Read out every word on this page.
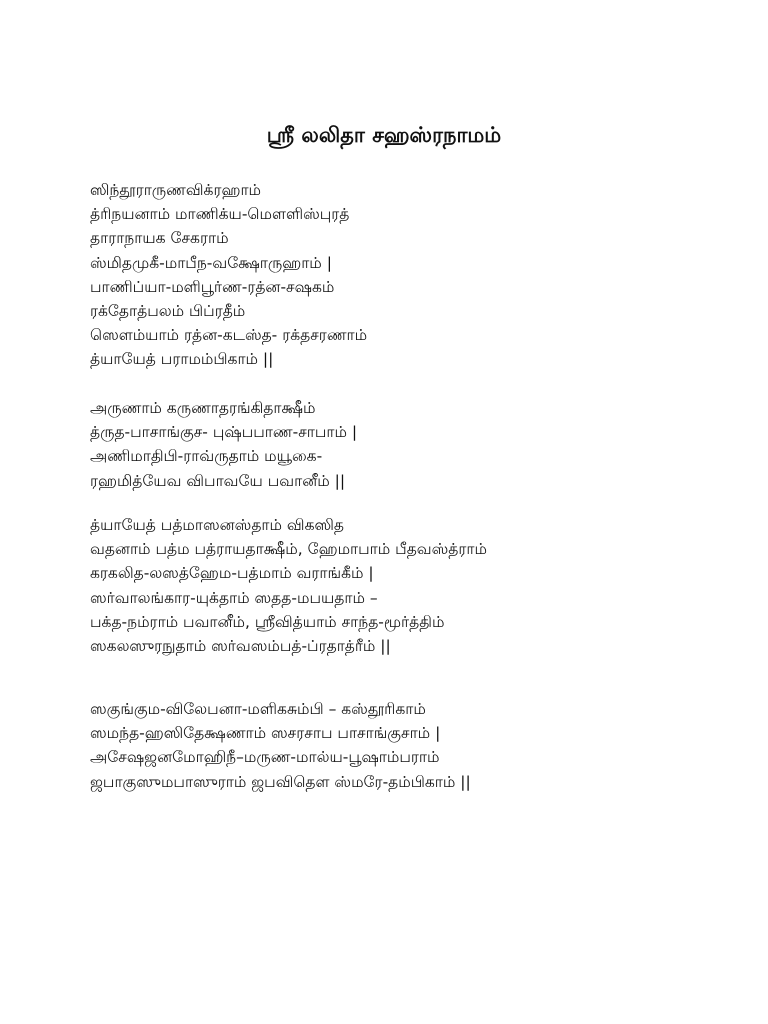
ஸ்ரீ லலிதா சஹஸ்ரநாமம்
ஸிந்தூராருணவிக்ரஹாம்
த்ரிநயனாம் மாணிக்ய-மௌளிஸ்புரத்
தாராநாயக சேகராம்
ஸ்மிதமுகீ-மாபீந-வக்ஷோருஹாம் |
பாணிப்யா-மளிபூர்ண-ரத்ன-சஷகம்
ரக்தோத்பலம் பிப்ரதீம்
ஸௌம்யாம் ரத்ன-கடஸ்த- ரக்தசரணாம்
த்யாயேத் பராமம்பிகாம் ||
அருணாம் கருணாதரங்கிதாக்ஷீம்
த்ருத-பாசாங்குச- புஷ்பபாண-சாபாம் |
அணிமாதிபி-ராவ்ருதாம் மயூகை-
ரஹமித்யேவ விபாவயே பவானீம் ||
த்யாயேத் பத்மாஸனஸ்தாம் விகஸித
வதனாம் பத்ம பத்ராயதாக்ஷீம், ஹேமாபாம் பீதவஸ்த்ராம்
கரகலித-லஸத்ஹேம-பத்மாம் வராங்கீம் |
ஸர்வாலங்கார-யுக்தாம் ஸதத-மபயதாம் –
பக்த-நம்ராம் பவானீம், ஸ்ரீவித்யாம் சாந்த-மூர்த்திம்
ஸகலஸுரநுதாம் ஸர்வஸம்பத்-ப்ரதாத்ரீம் ||
ஸகுங்கும-விலேபனா-மளிகசும்பி – கஸ்தூரிகாம்
ஸமந்த-ஹஸிதேக்ஷணாம் ஸசரசாப பாசாங்குசாம் |
அசேஷஜனமோஹிநீ–மருண-மால்ய-பூஷாம்பராம்
ஜபாகுஸுமபாஸுராம் ஜபவிதௌ ஸ்மரே-தம்பிகாம் ||
